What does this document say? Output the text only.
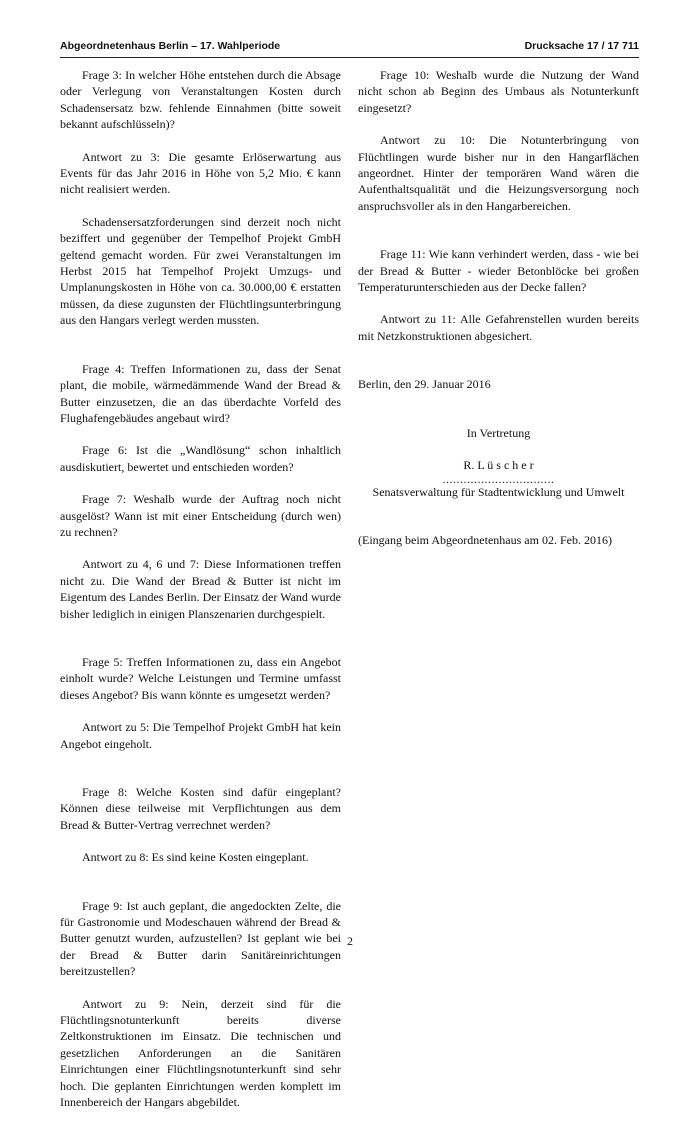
Abgeordnetenhaus Berlin – 17. Wahlperiode	Drucksache 17 / 17 711

Frage 3: In welcher Höhe entstehen durch die Absage oder Verlegung von Veranstaltungen Kosten durch Schadensersatz bzw. fehlende Einnahmen (bitte soweit bekannt aufschlüsseln)?

Antwort zu 3: Die gesamte Erlöserwartung aus Events für das Jahr 2016 in Höhe von 5,2 Mio. € kann nicht realisiert werden.

Schadensersatzforderungen sind derzeit noch nicht beziffert und gegenüber der Tempelhof Projekt GmbH geltend gemacht worden. Für zwei Veranstaltungen im Herbst 2015 hat Tempelhof Projekt Umzugs- und Umplanungskosten in Höhe von ca. 30.000,00 € erstatten müssen, da diese zugunsten der Flüchtlingsunterbringung aus den Hangars verlegt werden mussten.

Frage 4: Treffen Informationen zu, dass der Senat plant, die mobile, wärmedämmende Wand der Bread & Butter einzusetzen, die an das überdachte Vorfeld des Flughafengebäudes angebaut wird?

Frage 6: Ist die „Wandlösung“ schon inhaltlich ausdiskutiert, bewertet und entschieden worden?

Frage 7: Weshalb wurde der Auftrag noch nicht ausgelöst? Wann ist mit einer Entscheidung (durch wen) zu rechnen?

Antwort zu 4, 6 und 7: Diese Informationen treffen nicht zu. Die Wand der Bread & Butter ist nicht im Eigentum des Landes Berlin. Der Einsatz der Wand wurde bisher lediglich in einigen Planszenarien durchgespielt.

Frage 5: Treffen Informationen zu, dass ein Angebot einholt wurde? Welche Leistungen und Termine umfasst dieses Angebot? Bis wann könnte es umgesetzt werden?

Antwort zu 5: Die Tempelhof Projekt GmbH hat kein Angebot eingeholt.

Frage 8: Welche Kosten sind dafür eingeplant? Können diese teilweise mit Verpflichtungen aus dem Bread & Butter-Vertrag verrechnet werden?

Antwort zu 8: Es sind keine Kosten eingeplant.

Frage 9: Ist auch geplant, die angedockten Zelte, die für Gastronomie und Modeschauen während der Bread & Butter genutzt wurden, aufzustellen? Ist geplant wie bei der Bread & Butter darin Sanitäreinrichtungen bereitzustellen?

Antwort zu 9: Nein, derzeit sind für die Flüchtlingsnotunterkunft bereits diverse Zeltkonstruktionen im Einsatz. Die technischen und gesetzlichen Anforderungen an die Sanitären Einrichtungen einer Flüchtlingsnotunterkunft sind sehr hoch. Die geplanten Einrichtungen werden komplett im Innenbereich der Hangars abgebildet.

Frage 10: Weshalb wurde die Nutzung der Wand nicht schon ab Beginn des Umbaus als Notunterkunft eingesetzt?

Antwort zu 10: Die Notunterbringung von Flüchtlingen wurde bisher nur in den Hangarflächen angeordnet. Hinter der temporären Wand wären die Aufenthaltsqualität und die Heizungsversorgung noch anspruchsvoller als in den Hangarbereichen.

Frage 11: Wie kann verhindert werden, dass - wie bei der Bread & Butter - wieder Betonblöcke bei großen Temperaturunterschieden aus der Decke fallen?

Antwort zu 11: Alle Gefahrenstellen wurden bereits mit Netzkonstruktionen abgesichert.

Berlin, den 29. Januar 2016

In Vertretung

R. L ü s c h e r

................................

Senatsverwaltung für Stadtentwicklung und Umwelt

(Eingang beim Abgeordnetenhaus am 02. Feb. 2016)

2
